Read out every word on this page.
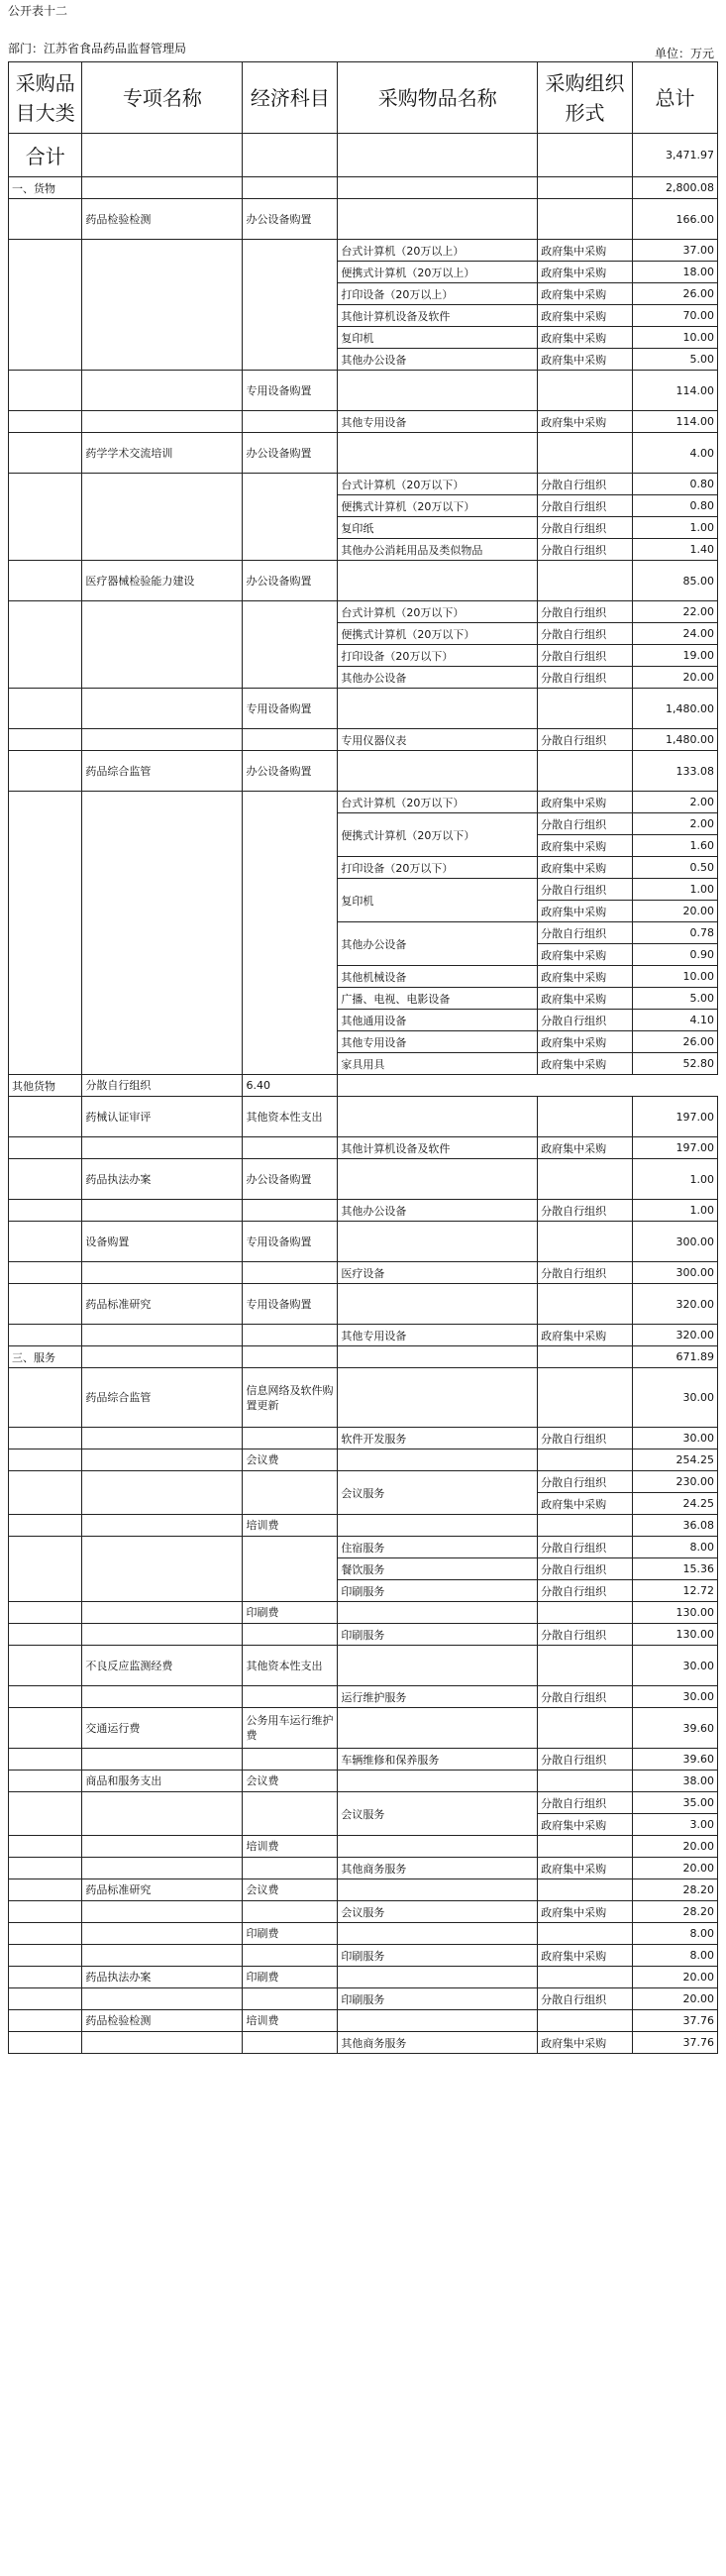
公开表十二
部门：江苏省食品药品监督管理局	单位：万元
采购品目大类	专项名称	经济科目	采购物品名称	采购组织形式	总计
合计					3,471.97
一、货物					2,800.08
	药品检验检测	办公设备购置			166.00
			台式计算机（20万以上）	政府集中采购	37.00
			便携式计算机（20万以上）	政府集中采购	18.00
			打印设备（20万以上）	政府集中采购	26.00
			其他计算机设备及软件	政府集中采购	70.00
			复印机	政府集中采购	10.00
			其他办公设备	政府集中采购	5.00
		专用设备购置			114.00
			其他专用设备	政府集中采购	114.00
	药学学术交流培训	办公设备购置			4.00
			台式计算机（20万以下）	分散自行组织	0.80
			便携式计算机（20万以下）	分散自行组织	0.80
			复印纸	分散自行组织	1.00
			其他办公消耗用品及类似物品	分散自行组织	1.40
	医疗器械检验能力建设	办公设备购置			85.00
			台式计算机（20万以下）	分散自行组织	22.00
			便携式计算机（20万以下）	分散自行组织	24.00
			打印设备（20万以下）	分散自行组织	19.00
			其他办公设备	分散自行组织	20.00
		专用设备购置			1,480.00
			专用仪器仪表	分散自行组织	1,480.00
	药品综合监管	办公设备购置			133.08
			台式计算机（20万以下）	政府集中采购	2.00
			便携式计算机（20万以下）	分散自行组织	2.00
				政府集中采购	1.60
			打印设备（20万以下）	政府集中采购	0.50
			复印机	分散自行组织	1.00
				政府集中采购	20.00
			其他办公设备	分散自行组织	0.78
				政府集中采购	0.90
			其他机械设备	政府集中采购	10.00
			广播、电视、电影设备	政府集中采购	5.00
			其他通用设备	分散自行组织	4.10
			其他专用设备	政府集中采购	26.00
			家具用具	政府集中采购	52.80
其他货物	分散自行组织	6.40			
	药械认证审评	其他资本性支出			197.00
			其他计算机设备及软件	政府集中采购	197.00
	药品执法办案	办公设备购置			1.00
			其他办公设备	分散自行组织	1.00
	设备购置	专用设备购置			300.00
			医疗设备	分散自行组织	300.00
	药品标准研究	专用设备购置			320.00
			其他专用设备	政府集中采购	320.00
三、服务					671.89
	药品综合监管	信息网络及软件购置更新			30.00
			软件开发服务	分散自行组织	30.00
		会议费			254.25
			会议服务	分散自行组织	230.00
				政府集中采购	24.25
		培训费			36.08
			住宿服务	分散自行组织	8.00
			餐饮服务	分散自行组织	15.36
			印刷服务	分散自行组织	12.72
		印刷费			130.00
			印刷服务	分散自行组织	130.00
	不良反应监测经费	其他资本性支出			30.00
			运行维护服务	分散自行组织	30.00
	交通运行费	公务用车运行维护费			39.60
			车辆维修和保养服务	分散自行组织	39.60
	商品和服务支出	会议费			38.00
			会议服务	分散自行组织	35.00
				政府集中采购	3.00
		培训费			20.00
			其他商务服务	政府集中采购	20.00
	药品标准研究	会议费			28.20
			会议服务	政府集中采购	28.20
		印刷费			8.00
			印刷服务	政府集中采购	8.00
	药品执法办案	印刷费			20.00
			印刷服务	分散自行组织	20.00
	药品检验检测	培训费			37.76
			其他商务服务	政府集中采购	37.76
